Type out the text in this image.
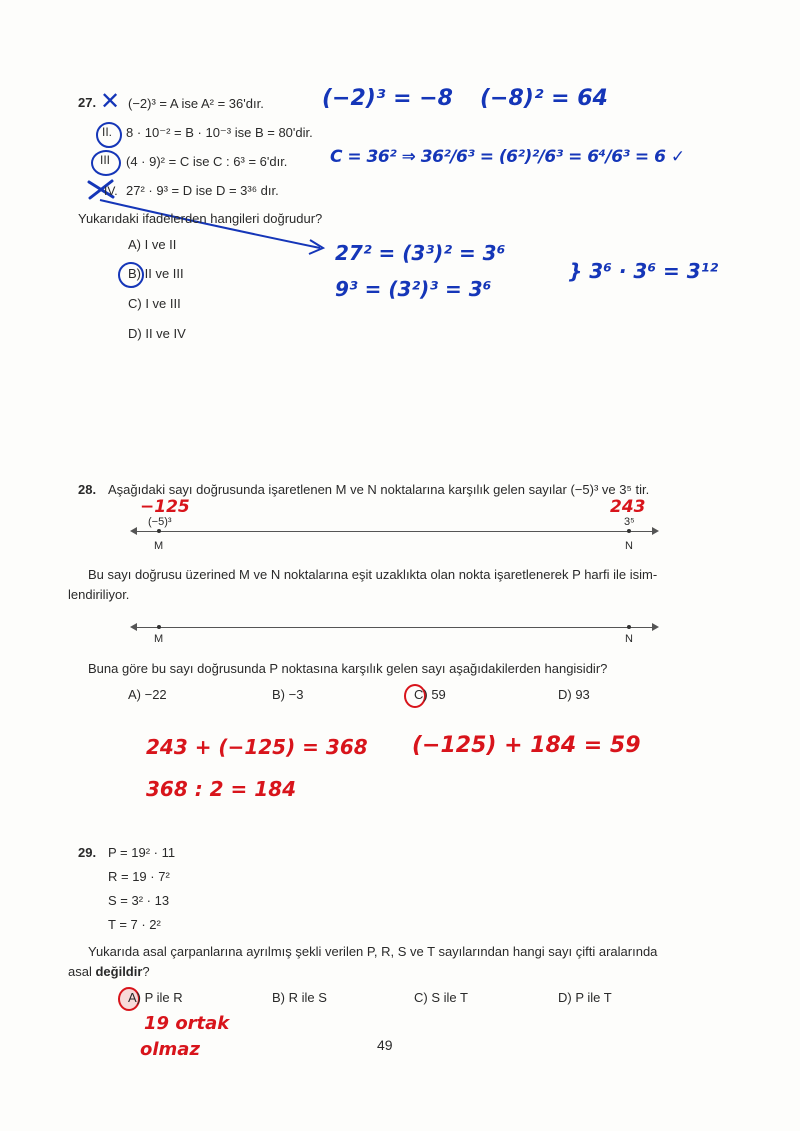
27. ✕ (−2)³ = A ise A² = 36'dır.	(−2)³ = −8 (−8)² = 64
II. 8 · 10⁻² = B · 10⁻³ ise B = 80'dir.
III (4 · 9)² = C ise C : 6³ = 6'dır.	C = 36² ⇒ 36²/6³ = (6²)²/6³ = 6⁴/6³ = 6 ✓
IV. 27² · 9³ = D ise D = 3³⁶ dır.
Yukarıdaki ifadelerden hangileri doğrudur?
A) I ve II
B) II ve III
C) I ve III
D) II ve IV
27² = (3³)² = 3⁶
9³ = (3²)³ = 3⁶
} 3⁶ · 3⁶ = 3¹²
28. Aşağıdaki sayı doğrusunda işaretlenen M ve N noktalarına karşılık gelen sayılar (−5)³ ve 3⁵ tir.
−125	243
(−5)³	3⁵
M	N
Bu sayı doğrusu üzerined M ve N noktalarına eşit uzaklıkta olan nokta işaretlenerek P harfi ile isim-
lendiriliyor.
M	N
Buna göre bu sayı doğrusunda P noktasına karşılık gelen sayı aşağıdakilerden hangisidir?
A) −22	B) −3	C) 59	D) 93
243 + (−125) = 368 (−125) + 184 = 59
368 : 2 = 184
29. P = 19² · 11
R = 19 · 7²
S = 3² · 13
T = 7 · 2²
Yukarıda asal çarpanlarına ayrılmış şekli verilen P, R, S ve T sayılarından hangi sayı çifti aralarında
asal değildir?
A) P ile R	B) R ile S	C) S ile T	D) P ile T
19 ortak
olmaz	49
